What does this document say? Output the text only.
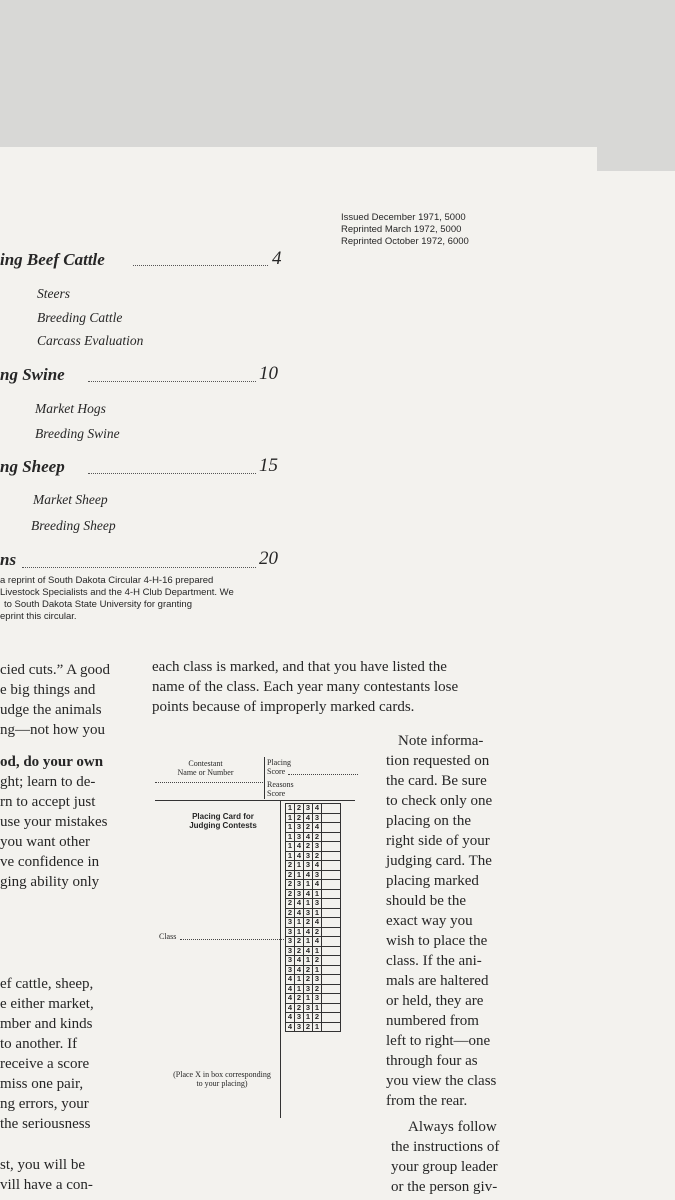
Issued December 1971, 5000
Reprinted March 1972, 5000
Reprinted October 1972, 6000
ing Beef Cattle	4
Steers
Breeding Cattle
Carcass Evaluation
ng Swine	10
Market Hogs
Breeding Swine
ng Sheep	15
Market Sheep
Breeding Sheep
ns	20
a reprint of South Dakota Circular 4-H-16 prepared
Livestock Specialists and the 4-H Club Department. We
to South Dakota State University for granting
eprint this circular.
cied cuts.” A good
e big things and
udge the animals
ng—not how you
od, do your own
ght; learn to de-
rn to accept just
use your mistakes
you want other
ve confidence in
ging ability only
ef cattle, sheep,
e either market,
mber and kinds
to another. If
receive a score
miss one pair,
ng errors, your
the seriousness
st, you will be
vill have a con-
each class is marked, and that you have listed the
name of the class. Each year many contestants lose
points because of improperly marked cards.
Contestant
Name or Number
Placing
Score
Reasons
Score
Placing Card for
Judging Contests
Class
(Place X in box corresponding
to your placing)
1	2	3	4	
1	2	4	3	
1	3	2	4	
1	3	4	2	
1	4	2	3	
1	4	3	2	
2	1	3	4	
2	1	4	3	
2	3	1	4	
2	3	4	1	
2	4	1	3	
2	4	3	1	
3	1	2	4	
3	1	4	2	
3	2	1	4	
3	2	4	1	
3	4	1	2	
3	4	2	1	
4	1	2	3	
4	1	3	2	
4	2	1	3	
4	2	3	1	
4	3	1	2	
4	3	2	1	
Note informa-
tion requested on
the card. Be sure
to check only one
placing on the
right side of your
judging card. The
placing marked
should be the
exact way you
wish to place the
class. If the ani-
mals are haltered
or held, they are
numbered from
left to right—one
through four as
you view the class
from the rear.
Always follow
the instructions of
your group leader
or the person giv-
